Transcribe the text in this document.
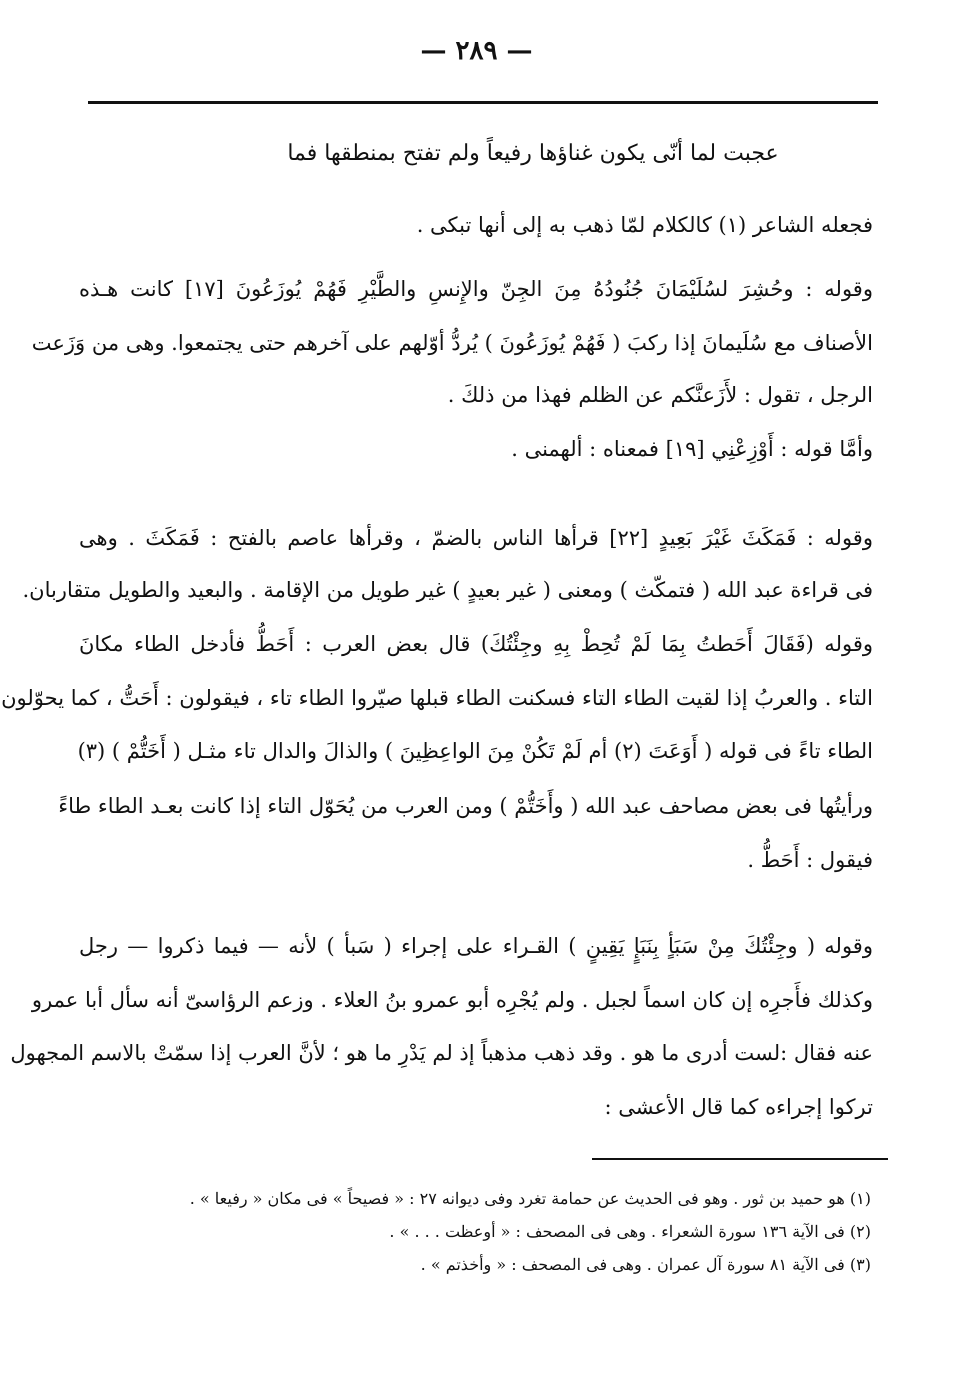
— ٢٨٩ —
عجبت لما أنّى يكون غناؤها رفيعاً ولم تفتح بمنطقها فما
فجعله الشاعر (١) كالكلام لمّا ذهب به إلى أنها تبكى .
وقوله : وحُشِرَ لسُلَيْمَانَ جُنُودُهُ مِنَ الجِنّ والإِنسِ والطَّيْرِ فَهُمْ يُوزَعُونَ [١٧] كانت هـذه
الأصناف مع سُلَيمانَ إذا ركبَ ( فَهُمْ يُوزَعُونَ ) يُردُّ أوّلهم على آخرهم حتى يجتمعوا. وهى من وَزَعت
الرجل ، تقول : لأَزَعنَّكم عن الظلم فهذا من ذلكَ .
وأمَّا قوله : أَوْزِعْنِي [١٩] فمعناه : ألهمنى .
وقوله : فَمَكَثَ غَيْرَ بَعِيدٍ [٢٢] قرأها الناس بالضمّ ، وقرأها عاصم بالفتح : فَمَكَثَ . وهى
فى قراءة عبد الله ( فتمكّث ) ومعنى ( غير بعيدٍ ) غير طويل من الإقامة . والبعيد والطويل متقاربان.
وقوله (فَقَالَ أَحَطتُ بِمَا لَمْ تُحِطْ بِهِ وجِئْتُكَ) قال بعض العرب : أَحَطُّ فأدخل الطاء مكانَ
التاء . والعربُ إذا لقيت الطاء التاء فسكنت الطاء قبلها صيّروا الطاء تاء ، فيقولون : أَحَتُّ ، كما يحوّلون
الطاء تاءً فى قوله ( أَوَعَتَ (٢) أم لَمْ تَكُنْ مِنَ الواعِظِينَ ) والذالَ والدال تاء مثـل ( أَخَتُّمْ ) (٣)
ورأيتُها فى بعض مصاحف عبد الله ( وأَخَتُّمْ ) ومن العرب من يُحَوّل التاء إذا كانت بعـد الطاء طاءً
فيقول : أَحَطُّ .
وقوله ( وجِئْتُكَ مِنْ سَبَأٍ بِنَبَإٍ يَقِينٍ ) القـراء على إجراء ( سَبأ ) لأنه — فيما ذكروا — رجل
وكذلك فأَجرِه إن كان اسماً لجبل . ولم يُجْرِه أبو عمرو بنُ العلاء . وزعم الرؤاسىّ أنه سأل أبا عمرو
عنه فقال :لست أدرى ما هو . وقد ذهب مذهباً إذ لم يَدْرِ ما هو ؛ لأنَّ العرب إذا سمّتْ بالاسم المجهول
تركوا إجراءه كما قال الأعشى :
(١) هو حميد بن ثور . وهو فى الحديث عن حمامة تغرد وفى ديوانه ٢٧ : « فصيحاً » فى مكان « رفيعا » .
(٢) فى الآية ١٣٦ سورة الشعراء . وهى فى المصحف : « أوعظت . . . » .
(٣) فى الآية ٨١ سورة آل عمران . وهى فى المصحف : « وأخذتم » .
